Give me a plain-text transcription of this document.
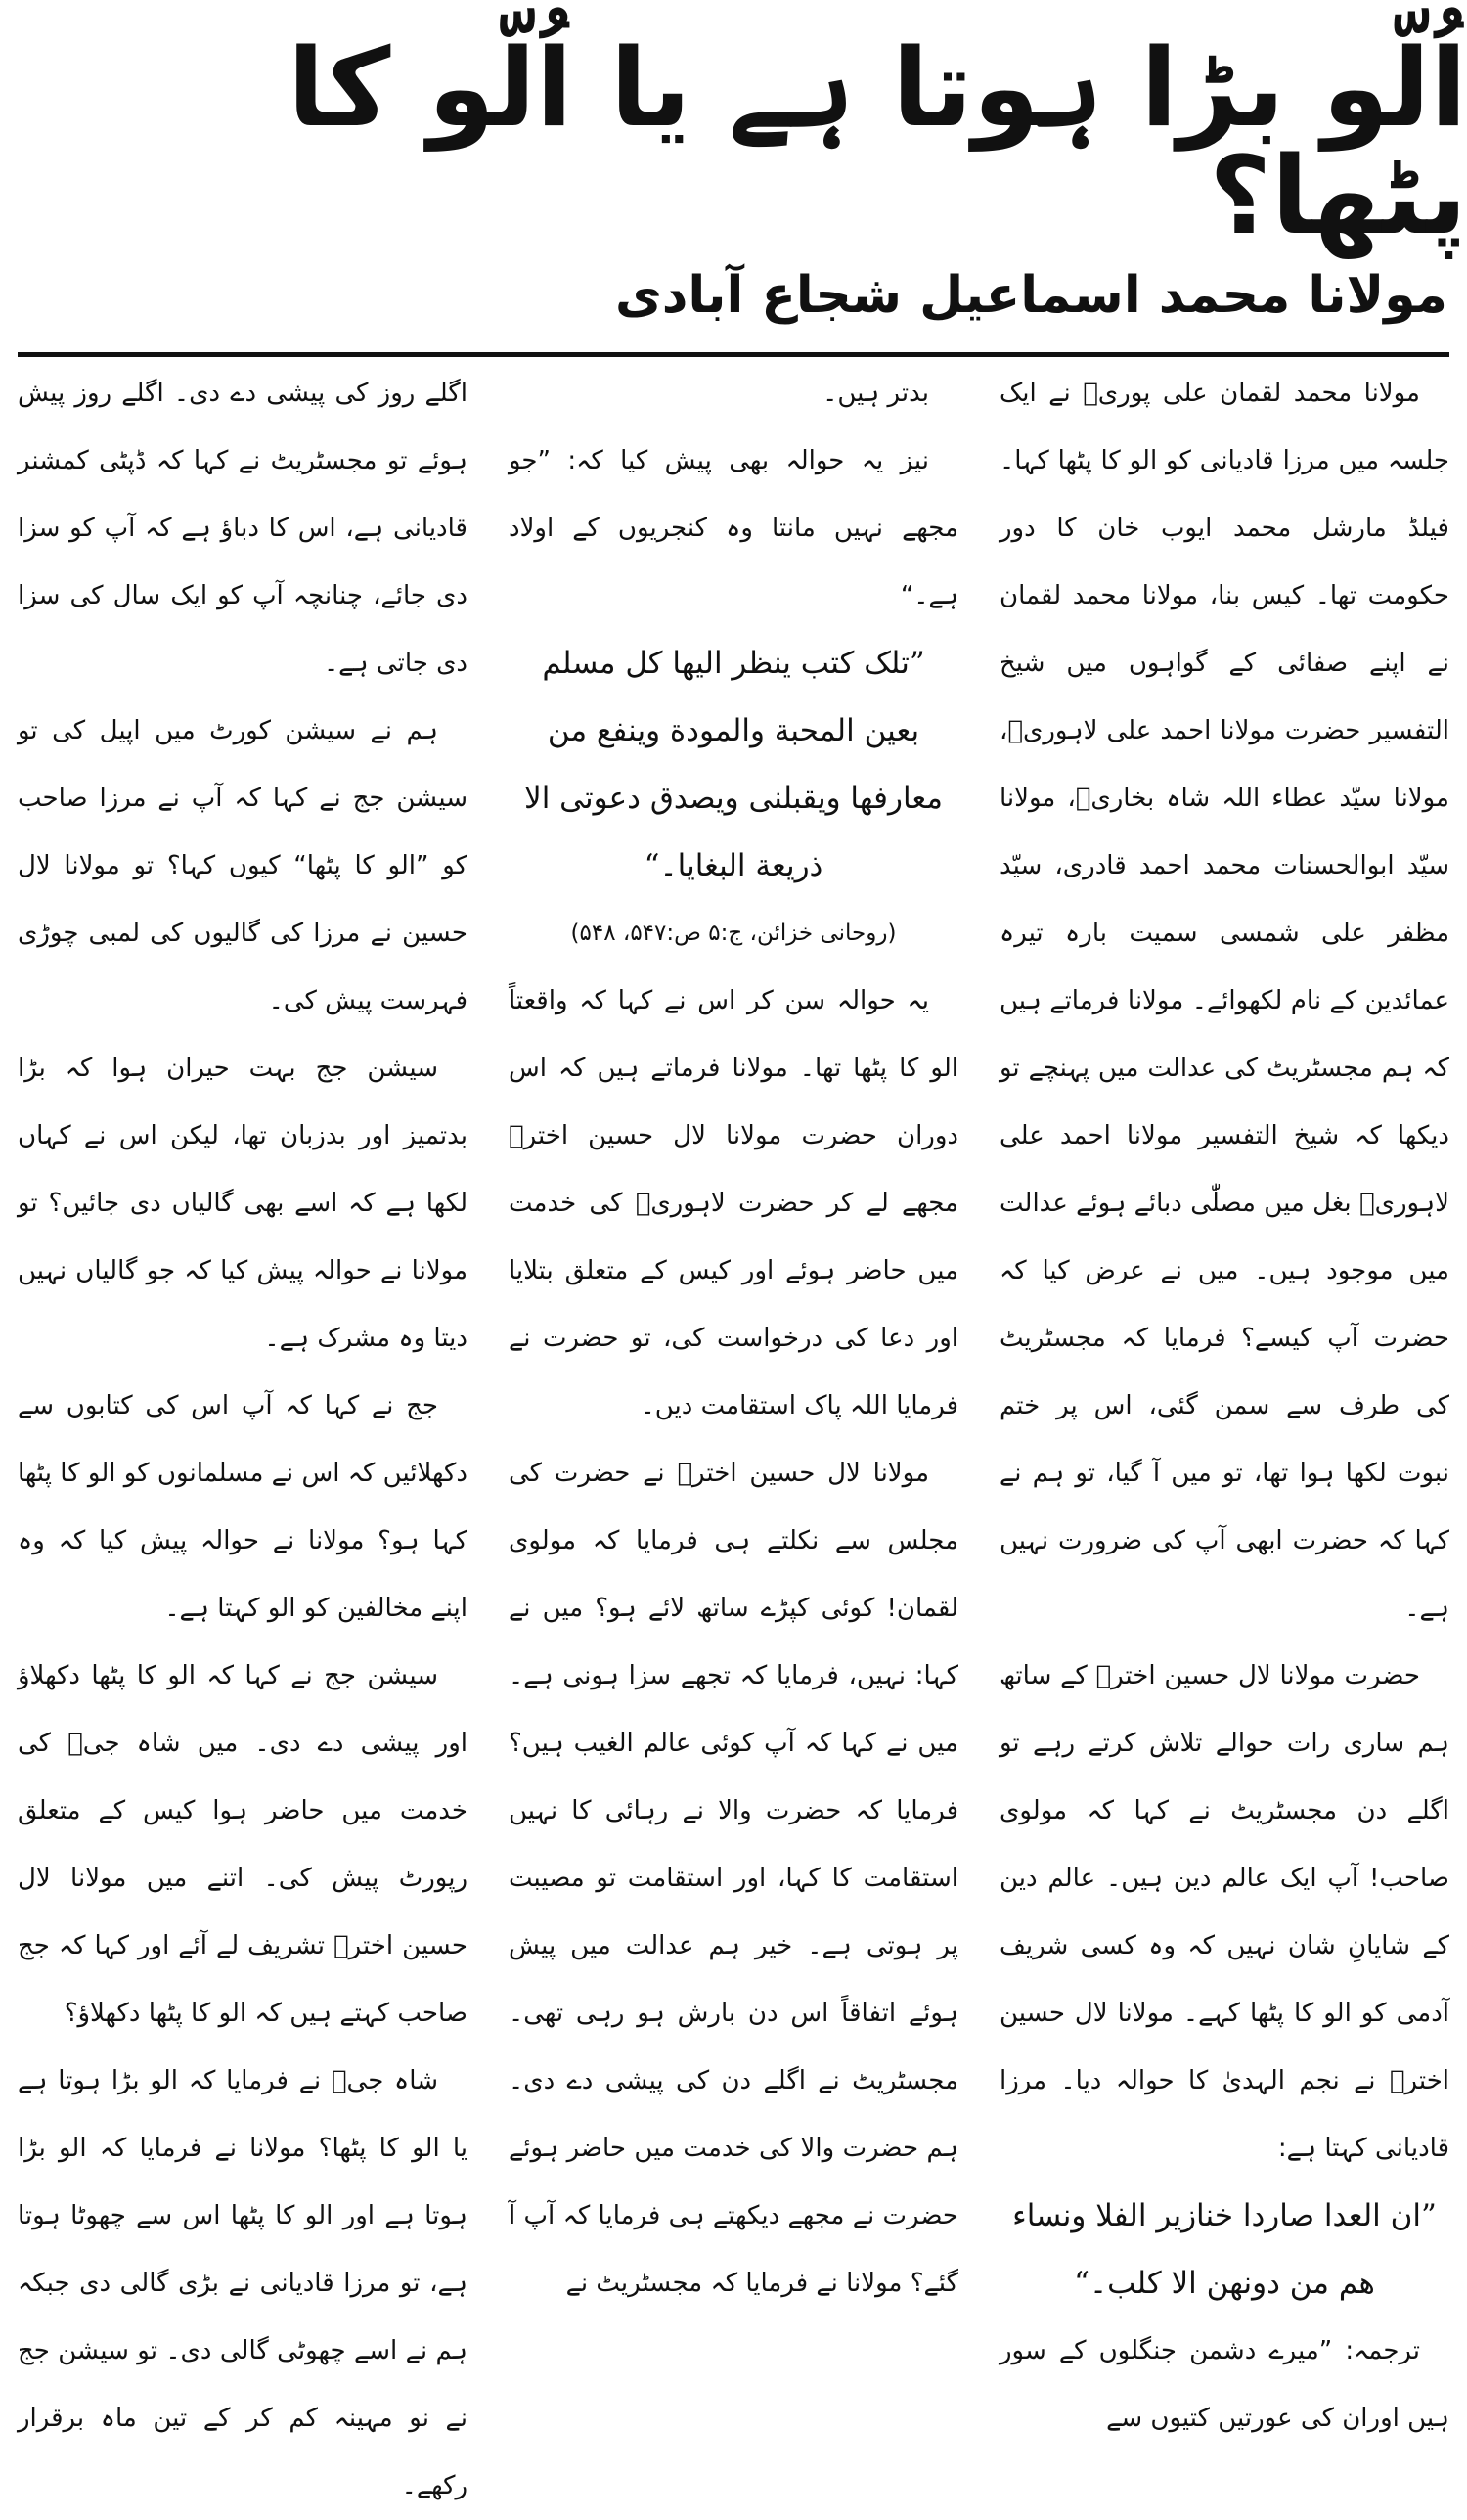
اُلّو بڑا ہوتا ہے یا اُلّو کا پٹھا؟
مولانا محمد اسماعیل شجاع آبادی

مولانا محمد لقمان علی پوریؒ نے ایک جلسہ میں مرزا قادیانی کو الو کا پٹھا کہا۔ فیلڈ مارشل محمد ایوب خان کا دور حکومت تھا۔ کیس بنا، مولانا محمد لقمان نے اپنے صفائی کے گواہوں میں شیخ التفسیر حضرت مولانا احمد علی لاہوریؒ، مولانا سیّد عطاء اللہ شاہ بخاریؒ، مولانا سیّد ابوالحسنات محمد احمد قادری، سیّد مظفر علی شمسی سمیت بارہ تیرہ عمائدین کے نام لکھوائے۔ مولانا فرماتے ہیں کہ ہم مجسٹریٹ کی عدالت میں پہنچے تو دیکھا کہ شیخ التفسیر مولانا احمد علی لاہوریؒ بغل میں مصلّٰی دبائے ہوئے عدالت میں موجود ہیں۔ میں نے عرض کیا کہ حضرت آپ کیسے؟ فرمایا کہ مجسٹریٹ کی طرف سے سمن گئی، اس پر ختم نبوت لکھا ہوا تھا، تو میں آ گیا، تو ہم نے کہا کہ حضرت ابھی آپ کی ضرورت نہیں ہے۔

حضرت مولانا لال حسین اخترؒ کے ساتھ ہم ساری رات حوالے تلاش کرتے رہے تو اگلے دن مجسٹریٹ نے کہا کہ مولوی صاحب! آپ ایک عالم دین ہیں۔ عالم دین کے شایانِ شان نہیں کہ وہ کسی شریف آدمی کو الو کا پٹھا کہے۔ مولانا لال حسین اخترؒ نے نجم الہدیٰ کا حوالہ دیا۔ مرزا قادیانی کہتا ہے:

”ان العدا صاردا خنازیر الفلا ونساء ھم من دونھن الا کلب۔“

ترجمہ: ”میرے دشمن جنگلوں کے سور ہیں اوران کی عورتیں کتیوں سے

بدتر ہیں۔

نیز یہ حوالہ بھی پیش کیا کہ: ”جو مجھے نہیں مانتا وہ کنجریوں کے اولاد ہے۔“

”تلک کتب ینظر الیھا کل مسلم بعین المحبة والمودة وینفع من معارفھا ویقبلنی ویصدق دعوتی الا ذریعة البغایا۔“

(روحانی خزائن، ج:۵ ص:۵۴۷، ۵۴۸)

یہ حوالہ سن کر اس نے کہا کہ واقعتاً الو کا پٹھا تھا۔ مولانا فرماتے ہیں کہ اس دوران حضرت مولانا لال حسین اخترؒ مجھے لے کر حضرت لاہوریؒ کی خدمت میں حاضر ہوئے اور کیس کے متعلق بتلایا اور دعا کی درخواست کی، تو حضرت نے فرمایا اللہ پاک استقامت دیں۔

مولانا لال حسین اخترؒ نے حضرت کی مجلس سے نکلتے ہی فرمایا کہ مولوی لقمان! کوئی کپڑے ساتھ لائے ہو؟ میں نے کہا: نہیں، فرمایا کہ تجھے سزا ہونی ہے۔ میں نے کہا کہ آپ کوئی عالم الغیب ہیں؟ فرمایا کہ حضرت والا نے رہائی کا نہیں استقامت کا کہا، اور استقامت تو مصیبت پر ہوتی ہے۔ خیر ہم عدالت میں پیش ہوئے اتفاقاً اس دن بارش ہو رہی تھی۔ مجسٹریٹ نے اگلے دن کی پیشی دے دی۔ ہم حضرت والا کی خدمت میں حاضر ہوئے حضرت نے مجھے دیکھتے ہی فرمایا کہ آپ آ گئے؟ مولانا نے فرمایا کہ مجسٹریٹ نے

اگلے روز کی پیشی دے دی۔ اگلے روز پیش ہوئے تو مجسٹریٹ نے کہا کہ ڈپٹی کمشنر قادیانی ہے، اس کا دباؤ ہے کہ آپ کو سزا دی جائے، چنانچہ آپ کو ایک سال کی سزا دی جاتی ہے۔

ہم نے سیشن کورٹ میں اپیل کی تو سیشن جج نے کہا کہ آپ نے مرزا صاحب کو ”الو کا پٹھا“ کیوں کہا؟ تو مولانا لال حسین نے مرزا کی گالیوں کی لمبی چوڑی فہرست پیش کی۔

سیشن جج بہت حیران ہوا کہ بڑا بدتمیز اور بدزبان تھا، لیکن اس نے کہاں لکھا ہے کہ اسے بھی گالیاں دی جائیں؟ تو مولانا نے حوالہ پیش کیا کہ جو گالیاں نہیں دیتا وہ مشرک ہے۔

جج نے کہا کہ آپ اس کی کتابوں سے دکھلائیں کہ اس نے مسلمانوں کو الو کا پٹھا کہا ہو؟ مولانا نے حوالہ پیش کیا کہ وہ اپنے مخالفین کو الو کہتا ہے۔

سیشن جج نے کہا کہ الو کا پٹھا دکھلاؤ اور پیشی دے دی۔ میں شاہ جیؒ کی خدمت میں حاضر ہوا کیس کے متعلق رپورٹ پیش کی۔ اتنے میں مولانا لال حسین اخترؒ تشریف لے آئے اور کہا کہ جج صاحب کہتے ہیں کہ الو کا پٹھا دکھلاؤ؟

شاہ جیؒ نے فرمایا کہ الو بڑا ہوتا ہے یا الو کا پٹھا؟ مولانا نے فرمایا کہ الو بڑا ہوتا ہے اور الو کا پٹھا اس سے چھوٹا ہوتا ہے، تو مرزا قادیانی نے بڑی گالی دی جبکہ ہم نے اسے چھوٹی گالی دی۔ تو سیشن جج نے نو مہینہ کم کر کے تین ماہ برقرار رکھے۔
